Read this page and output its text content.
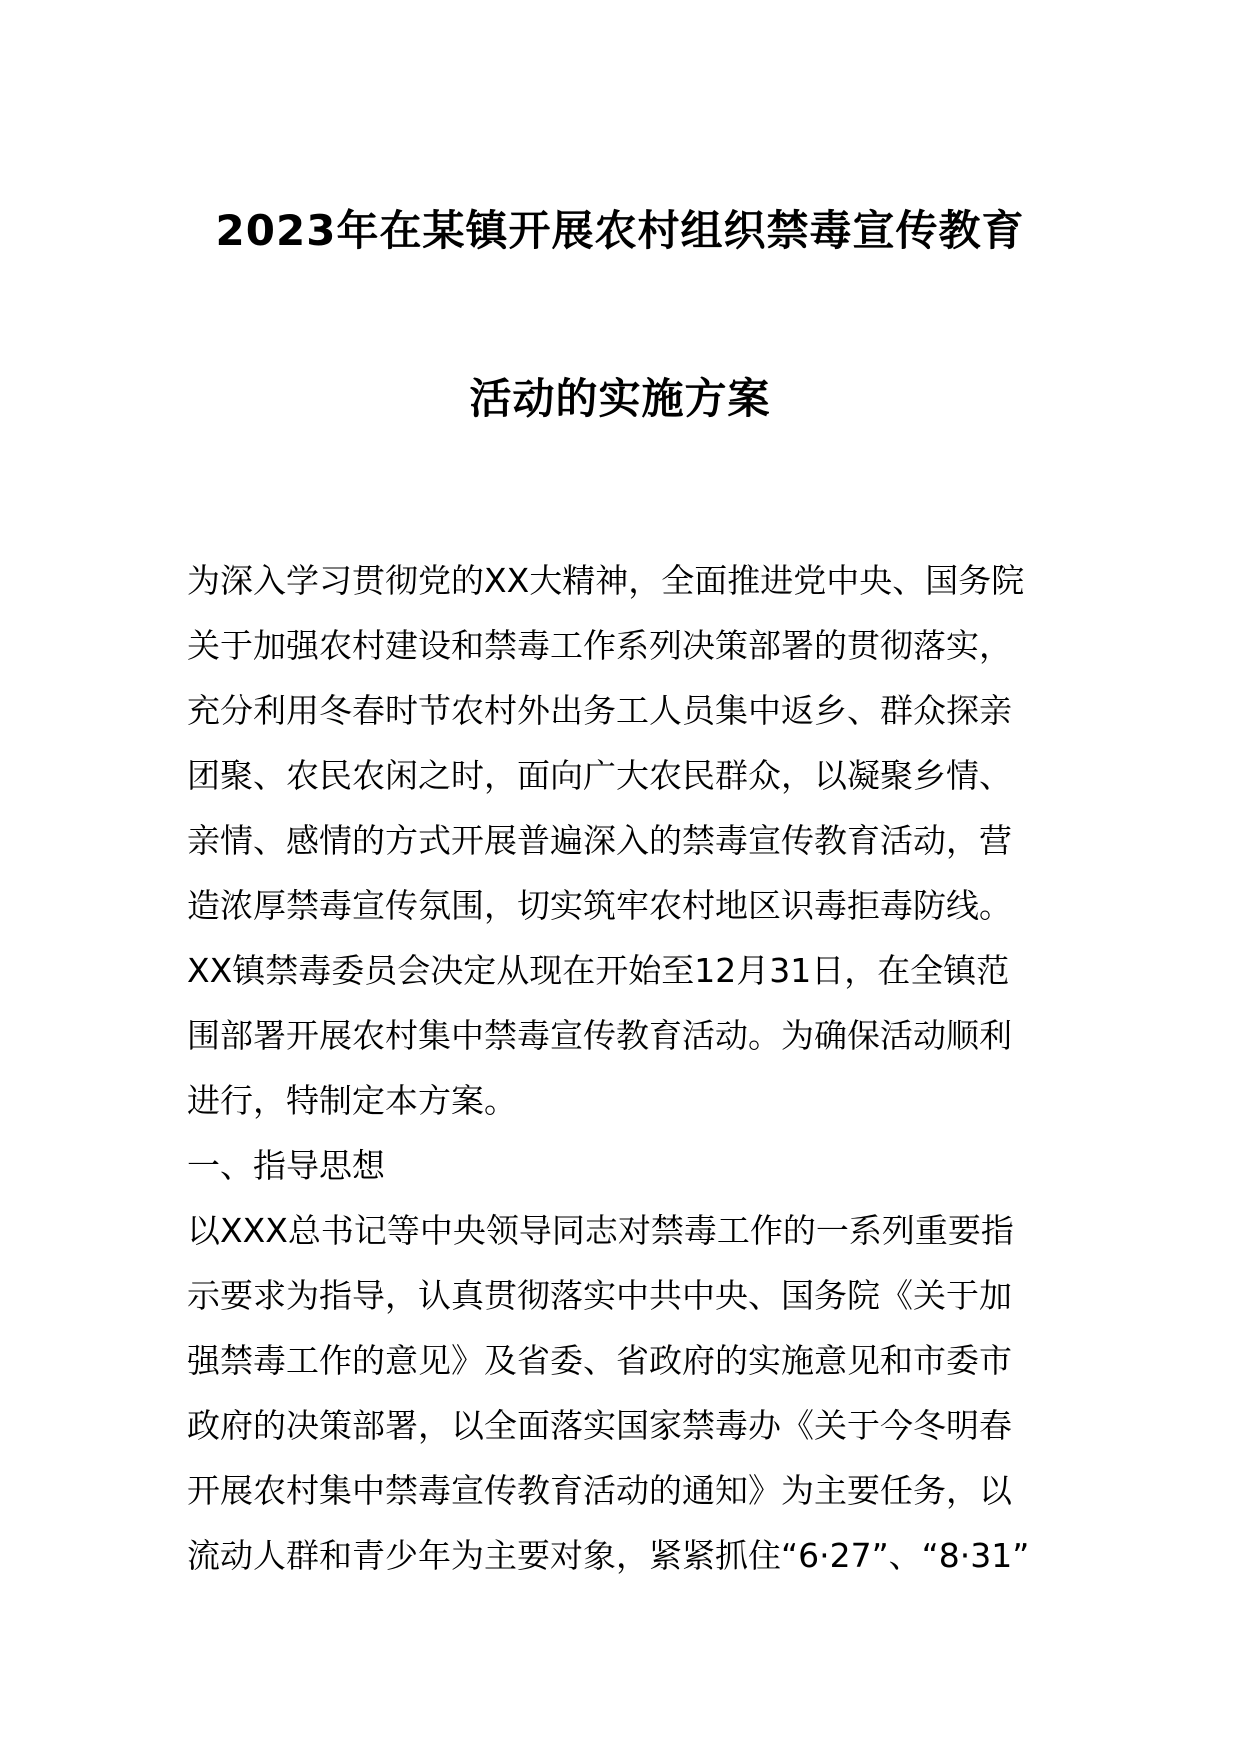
2023年在某镇开展农村组织禁毒宣传教育
活动的实施方案
为深入学习贯彻党的XX大精神，全面推进党中央、国务院
关于加强农村建设和禁毒工作系列决策部署的贯彻落实，
充分利用冬春时节农村外出务工人员集中返乡、群众探亲
团聚、农民农闲之时，面向广大农民群众，以凝聚乡情、
亲情、感情的方式开展普遍深入的禁毒宣传教育活动，营
造浓厚禁毒宣传氛围，切实筑牢农村地区识毒拒毒防线。
XX镇禁毒委员会决定从现在开始至12月31日，在全镇范
围部署开展农村集中禁毒宣传教育活动。为确保活动顺利
进行，特制定本方案。
一、指导思想
以XXX总书记等中央领导同志对禁毒工作的一系列重要指
示要求为指导，认真贯彻落实中共中央、国务院《关于加
强禁毒工作的意见》及省委、省政府的实施意见和市委市
政府的决策部署，以全面落实国家禁毒办《关于今冬明春
开展农村集中禁毒宣传教育活动的通知》为主要任务，以
流动人群和青少年为主要对象，紧紧抓住“6·27”、“8·31”
